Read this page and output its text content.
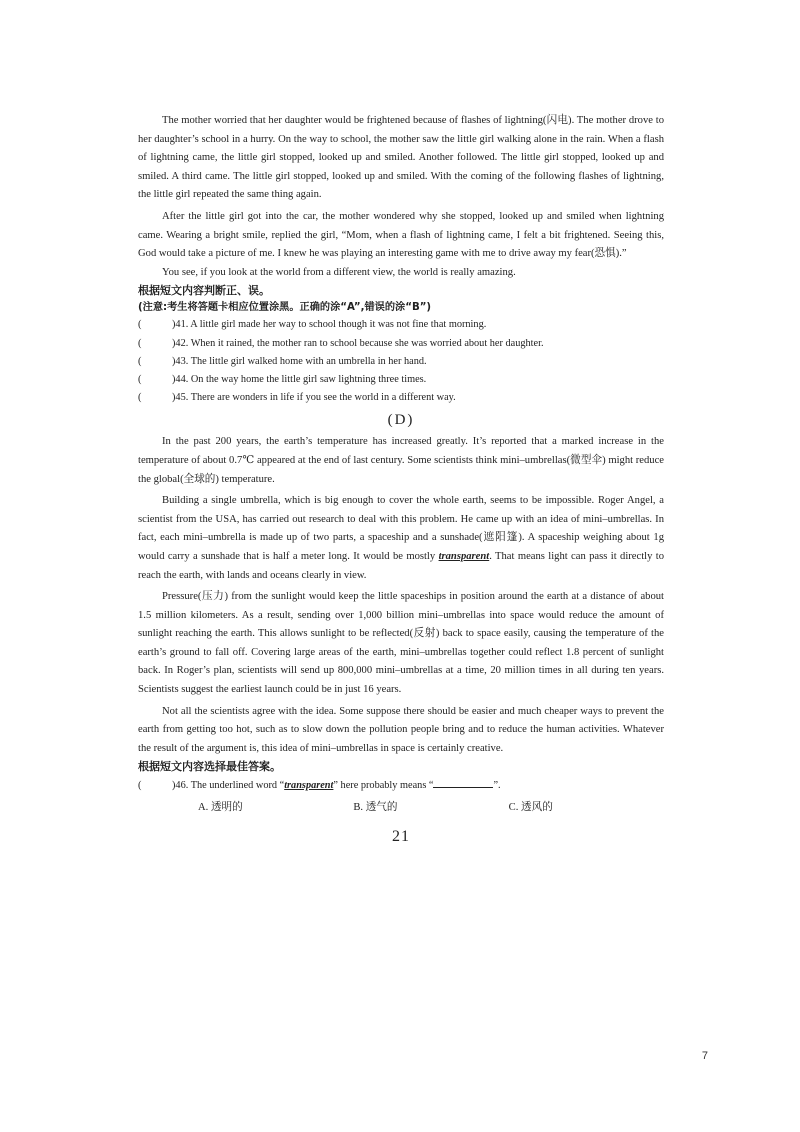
The mother worried that her daughter would be frightened because of flashes of lightning(闪电). The mother drove to her daughter’s school in a hurry. On the way to school, the mother saw the little girl walking alone in the rain. When a flash of lightning came, the little girl stopped, looked up and smiled. Another followed. The little girl stopped, looked up and smiled. A third came. The little girl stopped, looked up and smiled. With the coming of the following flashes of lightning, the little girl repeated the same thing again.

After the little girl got into the car, the mother wondered why she stopped, looked up and smiled when lightning came. Wearing a bright smile, replied the girl, “Mom, when a flash of lightning came, I felt a bit frightened. Seeing this, God would take a picture of me. I knew he was playing an interesting game with me to drive away my fear(恐惧).”

You see, if you look at the world from a different view, the world is really amazing.

根据短文内容判断正、误。
(注意:考生将答题卡相应位置涂黑。正确的涂“A”,错误的涂“B”)
(	)41. A little girl made her way to school though it was not fine that morning.
(	)42. When it rained, the mother ran to school because she was worried about her daughter.
(	)43. The little girl walked home with an umbrella in her hand.
(	)44. On the way home the little girl saw lightning three times.
(	)45. There are wonders in life if you see the world in a different way.
(D)

In the past 200 years, the earth’s temperature has increased greatly. It’s reported that a marked increase in the temperature of about 0.7℃ appeared at the end of last century. Some scientists think mini–umbrellas(微型伞) might reduce the global(全球的) temperature.

Building a single umbrella, which is big enough to cover the whole earth, seems to be impossible. Roger Angel, a scientist from the USA, has carried out research to deal with this problem. He came up with an idea of mini–umbrellas. In fact, each mini–umbrella is made up of two parts, a spaceship and a sunshade(遮阳篷). A spaceship weighing about 1g would carry a sunshade that is half a meter long. It would be mostly transparent. That means light can pass it directly to reach the earth, with lands and oceans clearly in view.

Pressure(压力) from the sunlight would keep the little spaceships in position around the earth at a distance of about 1.5 million kilometers. As a result, sending over 1,000 billion mini–umbrellas into space would reduce the amount of sunlight reaching the earth. This allows sunlight to be reflected(反射) back to space easily, causing the temperature of the earth’s ground to fall off. Covering large areas of the earth, mini–umbrellas together could reflect 1.8 percent of sunlight back. In Roger’s plan, scientists will send up 800,000 mini–umbrellas at a time, 20 million times in all during ten years. Scientists suggest the earliest launch could be in just 16 years.

Not all the scientists agree with the idea. Some suppose there should be easier and much cheaper ways to prevent the earth from getting too hot, such as to slow down the pollution people bring and to reduce the human activities. Whatever the result of the argument is, this idea of mini–umbrellas in space is certainly creative.

根据短文内容选择最佳答案。
(	)46. The underlined word “transparent” here probably means “	”.
A. 透明的	B. 透气的	C. 透风的
21
7
